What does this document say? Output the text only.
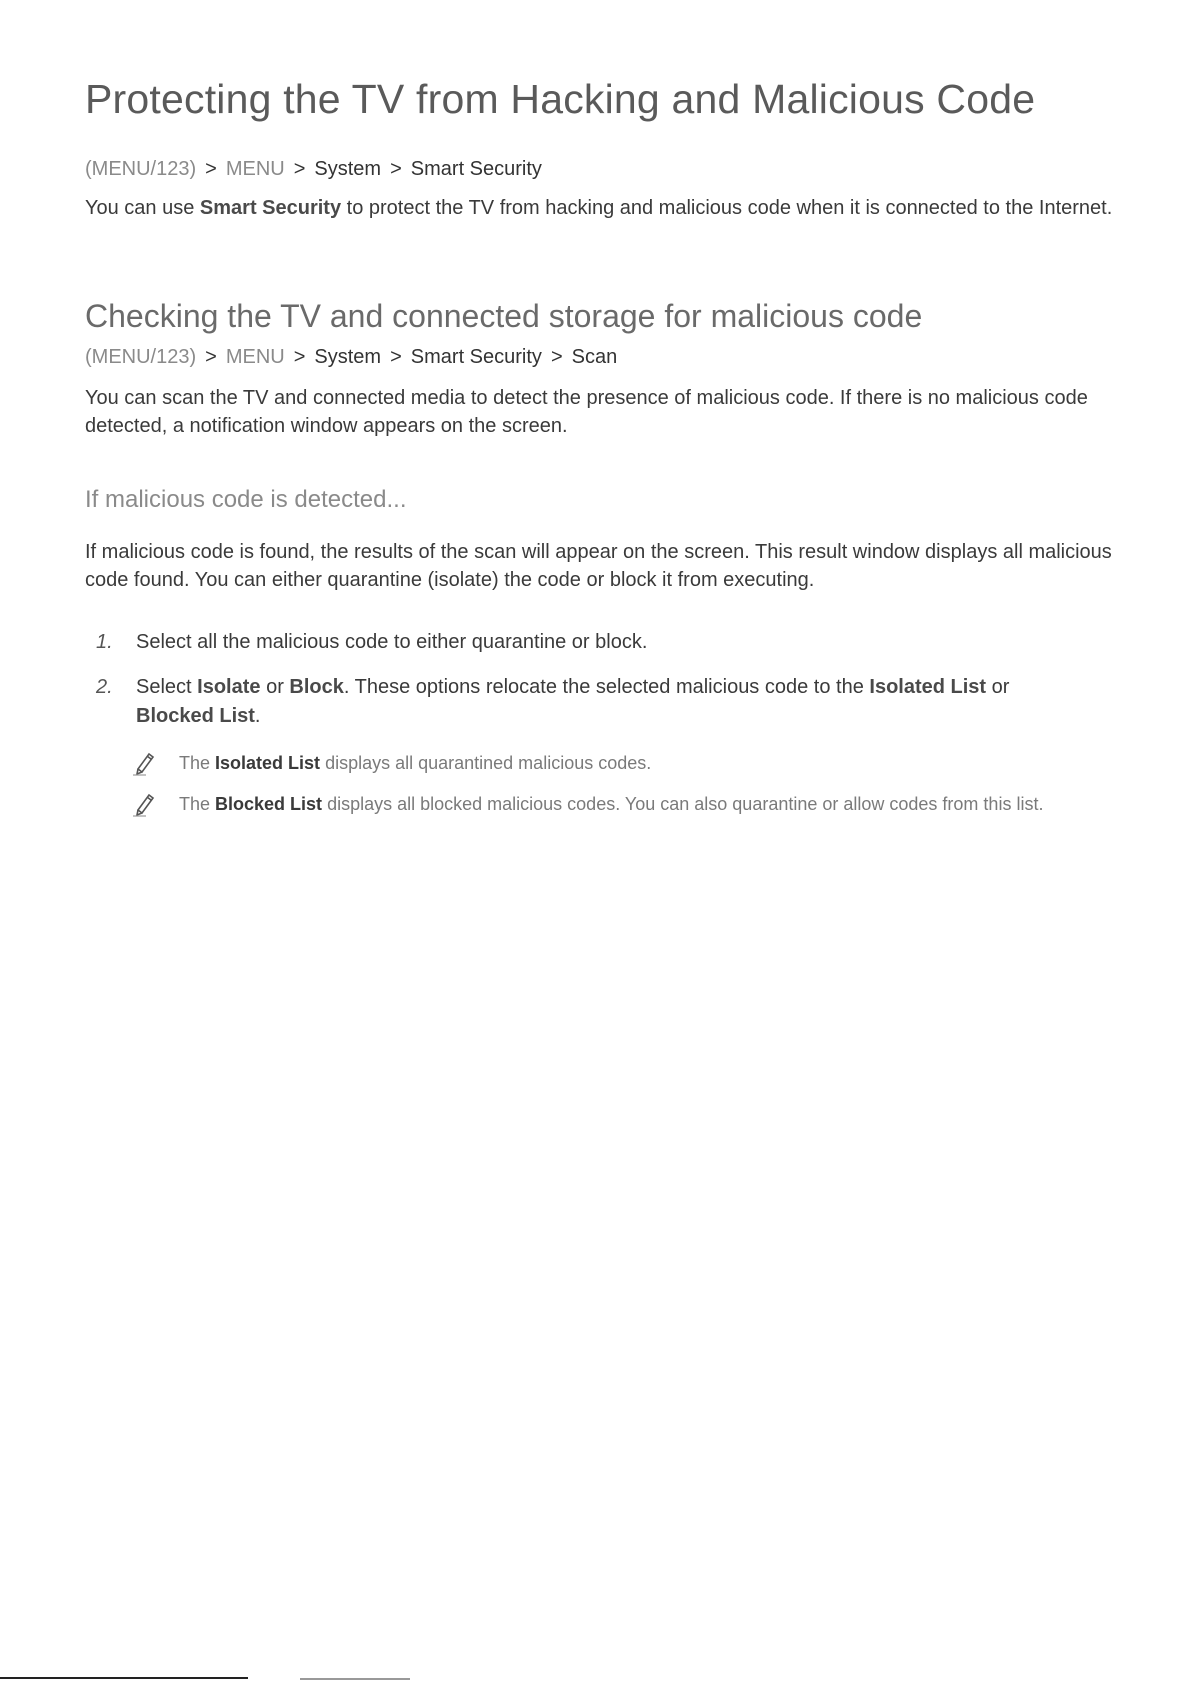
Protecting the TV from Hacking and Malicious Code
(MENU/123) > MENU > System > Smart Security

You can use Smart Security to protect the TV from hacking and malicious code when it is connected to the Internet.

Checking the TV and connected storage for malicious code
(MENU/123) > MENU > System > Smart Security > Scan

You can scan the TV and connected media to detect the presence of malicious code. If there is no malicious code detected, a notification window appears on the screen.

If malicious code is detected...

If malicious code is found, the results of the scan will appear on the screen. This result window displays all malicious code found. You can either quarantine (isolate) the code or block it from executing.

1. Select all the malicious code to either quarantine or block.
2. Select Isolate or Block. These options relocate the selected malicious code to the Isolated List or
Blocked List.
The Isolated List displays all quarantined malicious codes.
The Blocked List displays all blocked malicious codes. You can also quarantine or allow codes from this list.
